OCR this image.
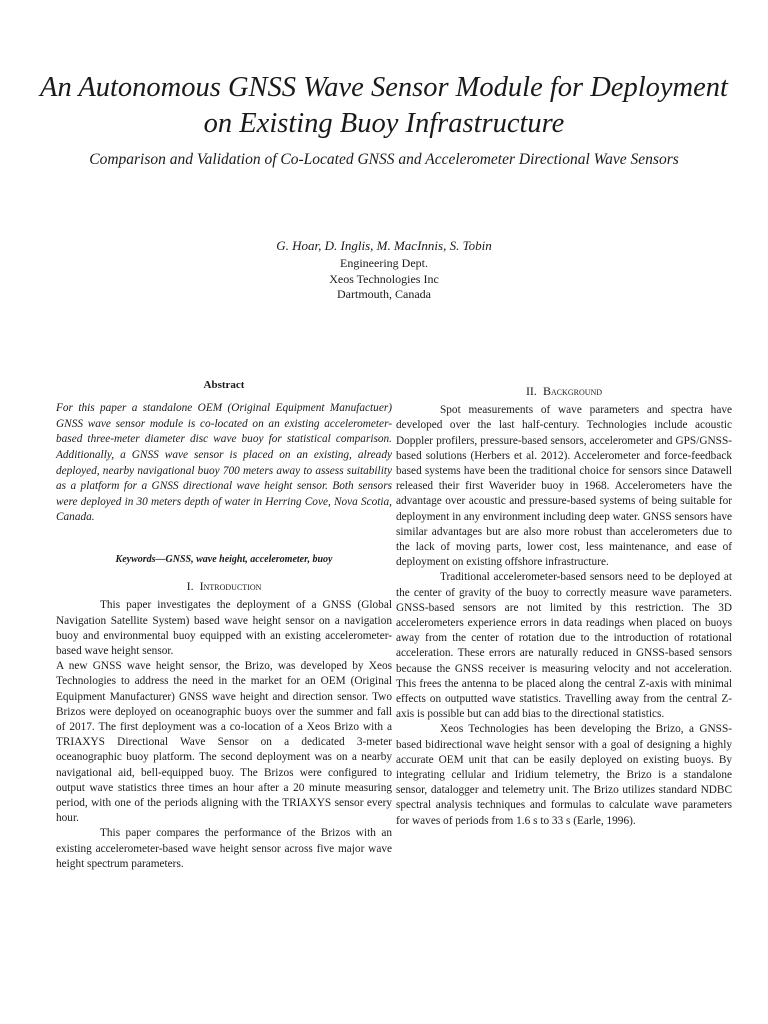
An Autonomous GNSS Wave Sensor Module for Deployment on Existing Buoy Infrastructure
Comparison and Validation of Co-Located GNSS and Accelerometer Directional Wave Sensors
G. Hoar, D. Inglis, M. MacInnis, S. Tobin
Engineering Dept.
Xeos Technologies Inc
Dartmouth, Canada
Abstract

For this paper a standalone OEM (Original Equipment Manufactuer) GNSS wave sensor module is co-located on an existing accelerometer-based three-meter diameter disc wave buoy for statistical comparison. Additionally, a GNSS wave sensor is placed on an existing, already deployed, nearby navigational buoy 700 meters away to assess suitability as a platform for a GNSS directional wave height sensor. Both sensors were deployed in 30 meters depth of water in Herring Cove, Nova Scotia, Canada.

Keywords—GNSS, wave height, accelerometer, buoy
I. Introduction

This paper investigates the deployment of a GNSS (Global Navigation Satellite System) based wave height sensor on a navigation buoy and environmental buoy equipped with an existing accelerometer-based wave height sensor.

A new GNSS wave height sensor, the Brizo, was developed by Xeos Technologies to address the need in the market for an OEM (Original Equipment Manufacturer) GNSS wave height and direction sensor. Two Brizos were deployed on oceanographic buoys over the summer and fall of 2017. The first deployment was a co-location of a Xeos Brizo with a TRIAXYS Directional Wave Sensor on a dedicated 3-meter oceanographic buoy platform. The second deployment was on a nearby navigational aid, bell-equipped buoy. The Brizos were configured to output wave statistics three times an hour after a 20 minute measuring period, with one of the periods aligning with the TRIAXYS sensor every hour.

This paper compares the performance of the Brizos with an existing accelerometer-based wave height sensor across five major wave height spectrum parameters.

II. Background

Spot measurements of wave parameters and spectra have developed over the last half-century. Technologies include acoustic Doppler profilers, pressure-based sensors, accelerometer and GPS/GNSS-based solutions (Herbers et al. 2012). Accelerometer and force-feedback based systems have been the traditional choice for sensors since Datawell released their first Waverider buoy in 1968. Accelerometers have the advantage over acoustic and pressure-based systems of being suitable for deployment in any environment including deep water. GNSS sensors have similar advantages but are also more robust than accelerometers due to the lack of moving parts, lower cost, less maintenance, and ease of deployment on existing offshore infrastructure.

Traditional accelerometer-based sensors need to be deployed at the center of gravity of the buoy to correctly measure wave parameters. GNSS-based sensors are not limited by this restriction. The 3D accelerometers experience errors in data readings when placed on buoys away from the center of rotation due to the introduction of rotational acceleration. These errors are naturally reduced in GNSS-based sensors because the GNSS receiver is measuring velocity and not acceleration. This frees the antenna to be placed along the central Z-axis with minimal effects on outputted wave statistics. Travelling away from the central Z-axis is possible but can add bias to the directional statistics.

Xeos Technologies has been developing the Brizo, a GNSS-based bidirectional wave height sensor with a goal of designing a highly accurate OEM unit that can be easily deployed on existing buoys. By integrating cellular and Iridium telemetry, the Brizo is a standalone sensor, datalogger and telemetry unit. The Brizo utilizes standard NDBC spectral analysis techniques and formulas to calculate wave parameters for waves of periods from 1.6 s to 33 s (Earle, 1996).
